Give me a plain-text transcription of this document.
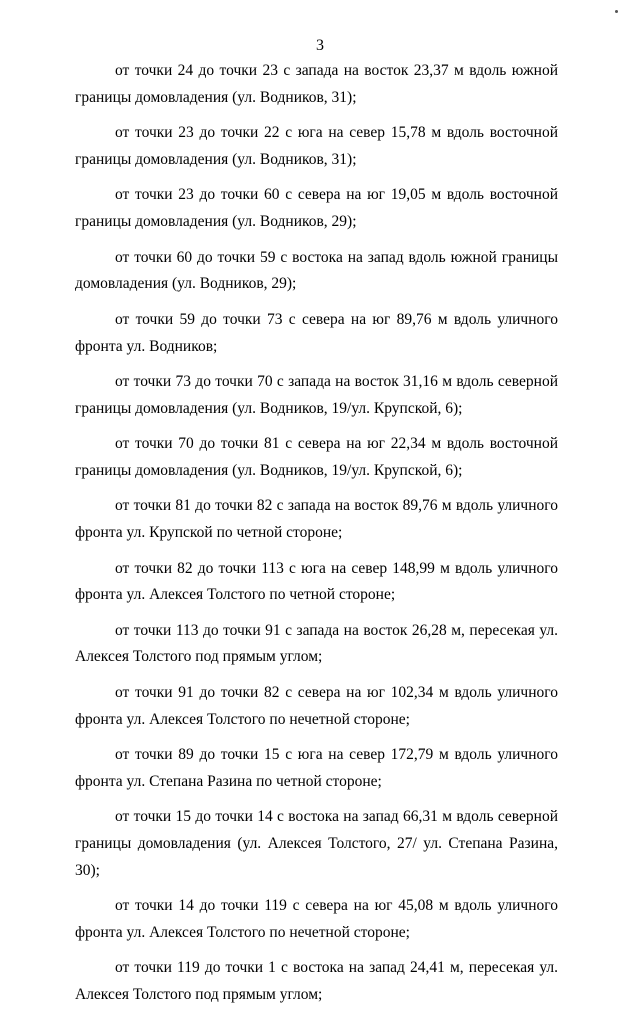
3

от точки 24 до точки 23 с запада на восток 23,37 м вдоль южной границы домовладения (ул. Водников, 31);

от точки 23 до точки 22 с юга на север 15,78 м вдоль восточной границы домовладения (ул. Водников, 31);

от точки 23 до точки 60 с севера на юг 19,05 м вдоль восточной границы домовладения (ул. Водников, 29);

от точки 60 до точки 59 с востока на запад вдоль южной границы домовладения (ул. Водников, 29);

от точки 59 до точки 73 с севера на юг 89,76 м вдоль уличного фронта ул. Водников;

от точки 73 до точки 70 с запада на восток 31,16 м вдоль северной границы домовладения (ул. Водников, 19/ул. Крупской, 6);

от точки 70 до точки 81 с севера на юг 22,34 м вдоль восточной границы домовладения (ул. Водников, 19/ул. Крупской, 6);

от точки 81 до точки 82 с запада на восток 89,76 м вдоль уличного фронта ул. Крупской по четной стороне;

от точки 82 до точки 113 с юга на север 148,99 м вдоль уличного фронта ул. Алексея Толстого по четной стороне;

от точки 113 до точки 91 с запада на восток 26,28 м, пересекая ул. Алексея Толстого под прямым углом;

от точки 91 до точки 82 с севера на юг 102,34 м вдоль уличного фронта ул. Алексея Толстого по нечетной стороне;

от точки 89 до точки 15 с юга на север 172,79 м вдоль уличного фронта ул. Степана Разина по четной стороне;

от точки 15 до точки 14 с востока на запад 66,31 м вдоль северной границы домовладения (ул. Алексея Толстого, 27/ ул. Степана Разина, 30);

от точки 14 до точки 119 с севера на юг 45,08 м вдоль уличного фронта ул. Алексея Толстого по нечетной стороне;

от точки 119 до точки 1 с востока на запад 24,41 м, пересекая ул. Алексея Толстого под прямым углом;
